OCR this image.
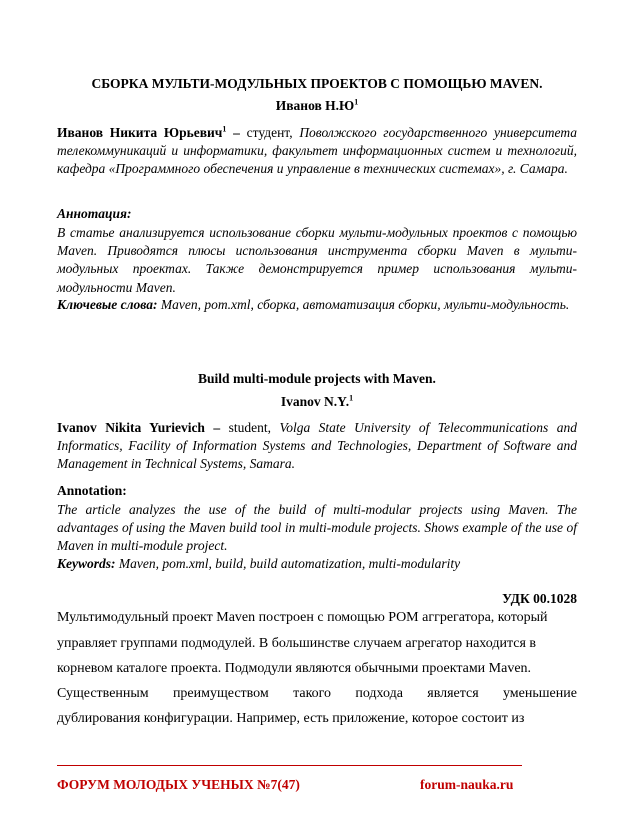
СБОРКА МУЛЬТИ-МОДУЛЬНЫХ ПРОЕКТОВ С ПОМОЩЬЮ MAVEN.
Иванов $Н.Ю^1$
Иванов Никита Юрьевич$^1$ – студент, Поволжского государственного университета телекоммуникаций и информатики, факультет информационных систем и технологий, кафедра «Программного обеспечения и управление в технических системах», г. Самара.
Аннотация:
В статье анализируется использование сборки мульти-модульных проектов с помощью Maven. Приводятся плюсы использования инструмента сборки Maven в мульти-модульных проектах. Также демонстрируется пример использования мульти-модульности Maven.
Ключевые слова: Maven, pom.xml, сборка, автоматизация сборки, мульти-модульность.
Build multi-module projects with Maven.
Ivanov N.Y.$^1$
Ivanov Nikita Yurievich – student, Volga State University of Telecommunications and Informatics, Facility of Information Systems and Technologies, Department of Software and Management in Technical Systems, Samara.
Annotation:
The article analyzes the use of the build of multi-modular projects using Maven. The advantages of using the Maven build tool in multi-module projects. Shows example of the use of Maven in multi-module project.
Keywords: Maven, pom.xml, build, build automatization, multi-modularity
УДК 00.1028
Мультимодульный проект Maven построен с помощью POM аггрегатора, который
управляет группами подмодулей. В большинстве случаем агрегатор находится в
корневом каталоге проекта. Подмодули являются обычными проектами Maven.
Существенным преимуществом такого подхода является уменьшение
дублирования конфигурации. Например, есть приложение, которое состоит из
ФОРУМ МОЛОДЫХ УЧЕНЫХ №7(47)	forum-nauka.ru
